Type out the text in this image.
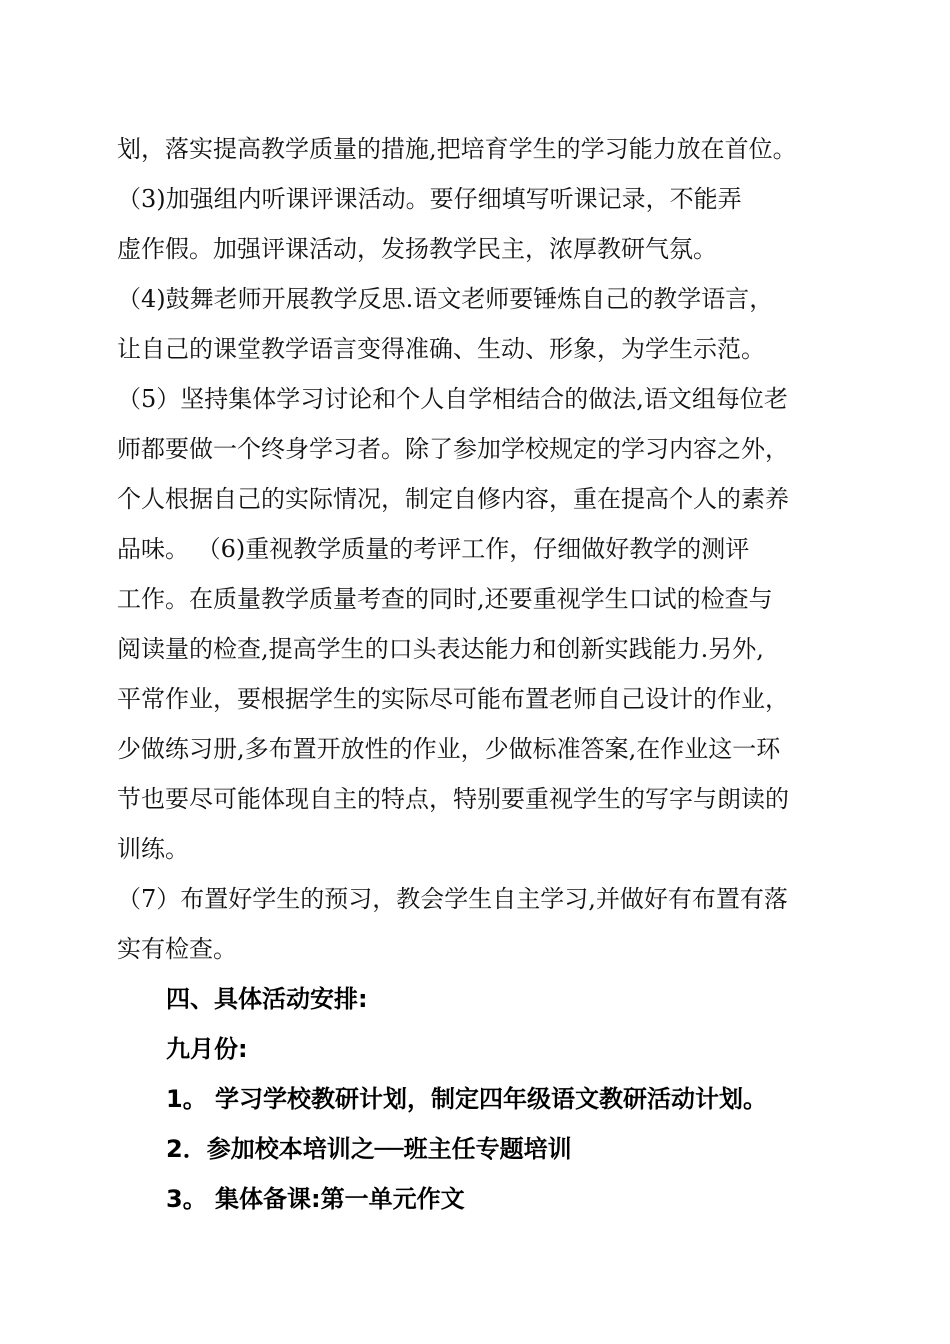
划，落实提高教学质量的措施,把培育学生的学习能力放在首位。
（3)加强组内听课评课活动。要仔细填写听课记录，不能弄
虚作假。加强评课活动，发扬教学民主，浓厚教研气氛。
（4)鼓舞老师开展教学反思.语文老师要锤炼自己的教学语言，
让自己的课堂教学语言变得准确、生动、形象，为学生示范。
（5）坚持集体学习讨论和个人自学相结合的做法,语文组每位老
师都要做一个终身学习者。除了参加学校规定的学习内容之外，
个人根据自己的实际情况，制定自修内容，重在提高个人的素养
品味。 （6)重视教学质量的考评工作，仔细做好教学的测评
工作。在质量教学质量考查的同时,还要重视学生口试的检查与
阅读量的检查,提高学生的口头表达能力和创新实践能力.另外,
平常作业，要根据学生的实际尽可能布置老师自己设计的作业，
少做练习册,多布置开放性的作业，少做标准答案,在作业这一环
节也要尽可能体现自主的特点，特别要重视学生的写字与朗读的
训练。
（7）布置好学生的预习，教会学生自主学习,并做好有布置有落
实有检查。
四、具体活动安排:
九月份:
1。 学习学校教研计划，制定四年级语文教研活动计划。
2．参加校本培训之──班主任专题培训
3。 集体备课:第一单元作文
